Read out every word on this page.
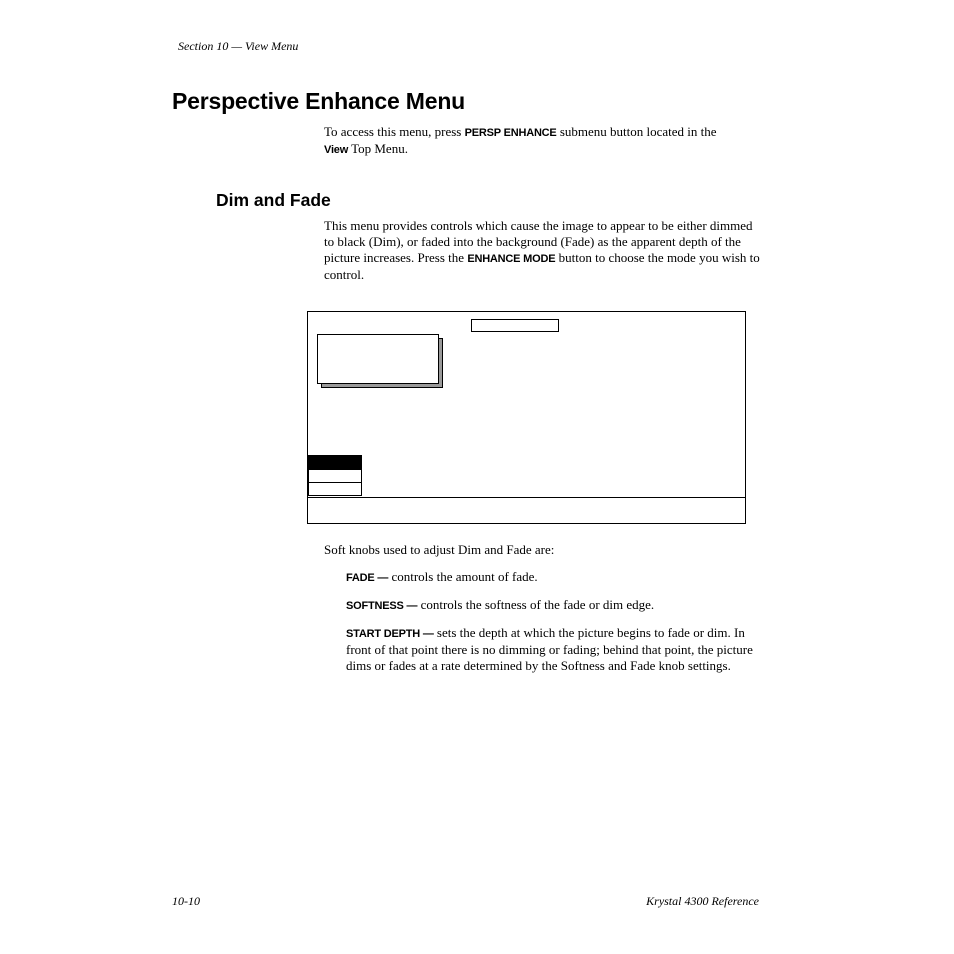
Section 10 — View Menu
Perspective Enhance Menu

To access this menu, press PERSP ENHANCE submenu button located in the
View Top Menu.

Dim and Fade

This menu provides controls which cause the image to appear to be either dimmed to black (Dim), or faded into the background (Fade) as the apparent depth of the picture increases. Press the ENHANCE MODE button to choose the mode you wish to control.

Soft knobs used to adjust Dim and Fade are:

FADE — controls the amount of fade.

SOFTNESS — controls the softness of the fade or dim edge.

START DEPTH — sets the depth at which the picture begins to fade or dim. In front of that point there is no dimming or fading; behind that point, the picture dims or fades at a rate determined by the Softness and Fade knob settings.

10-10	Krystal 4300 Reference
